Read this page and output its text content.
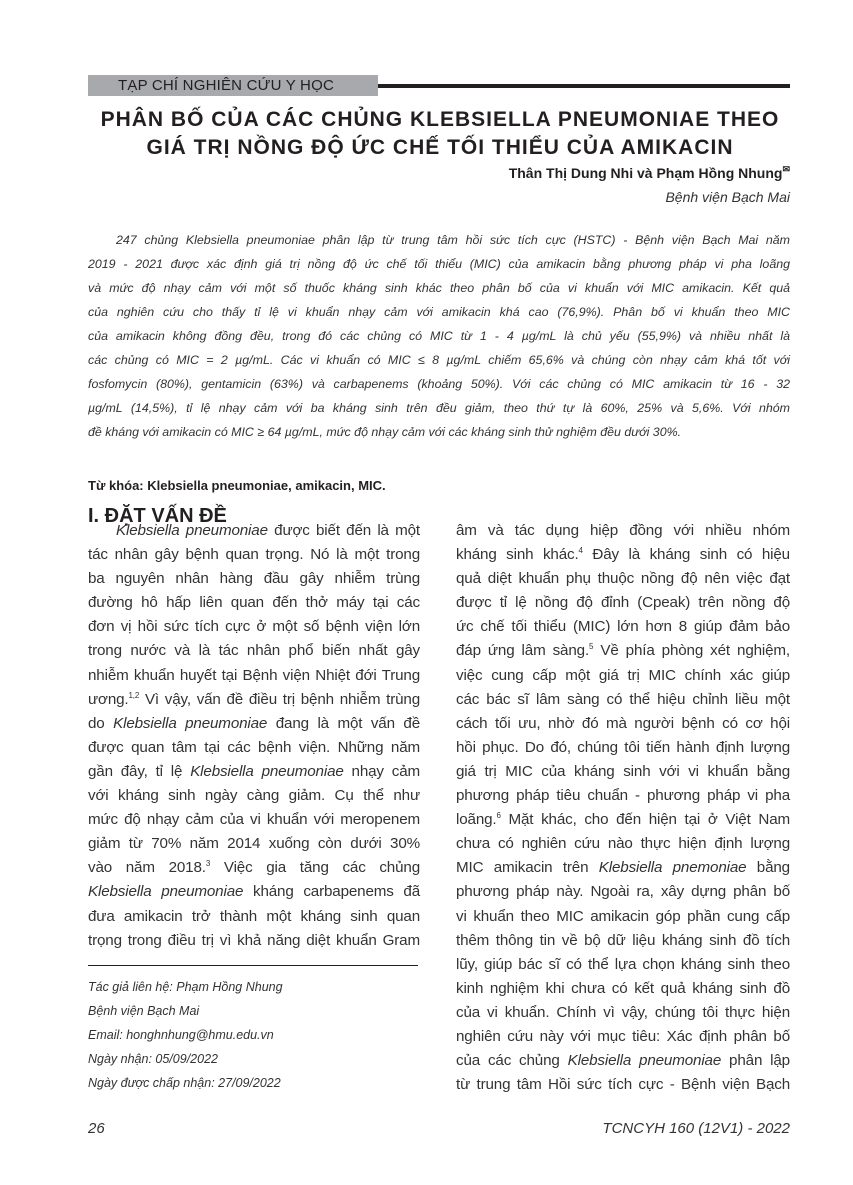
TẠP CHÍ NGHIÊN CỨU Y HỌC
PHÂN BỐ CỦA CÁC CHỦNG KLEBSIELLA PNEUMONIAE THEO
GIÁ TRỊ NỒNG ĐỘ ỨC CHẾ TỐI THIỂU CỦA AMIKACIN
Thân Thị Dung Nhi và Phạm Hồng Nhung✉
Bệnh viện Bạch Mai
247 chủng Klebsiella pneumoniae phân lập từ trung tâm hồi sức tích cực (HSTC) - Bệnh viện Bạch Mai năm
2019 - 2021 được xác định giá trị nồng độ ức chế tối thiểu (MIC) của amikacin bằng phương pháp vi pha loãng
và mức độ nhạy cảm với một số thuốc kháng sinh khác theo phân bố của vi khuẩn với MIC amikacin. Kết quả
của nghiên cứu cho thấy tỉ lệ vi khuẩn nhạy cảm với amikacin khá cao (76,9%). Phân bố vi khuẩn theo MIC
của amikacin không đồng đều, trong đó các chủng có MIC từ 1 - 4 µg/mL là chủ yếu (55,9%) và nhiều nhất là
các chủng có MIC = 2 µg/mL. Các vi khuẩn có MIC ≤ 8 µg/mL chiếm 65,6% và chúng còn nhạy cảm khá tốt với
fosfomycin (80%), gentamicin (63%) và carbapenems (khoảng 50%). Với các chủng có MIC amikacin từ 16 - 32
µg/mL (14,5%), tỉ lệ nhạy cảm với ba kháng sinh trên đều giảm, theo thứ tự là 60%, 25% và 5,6%. Với nhóm
đề kháng với amikacin có MIC ≥ 64 µg/mL, mức độ nhạy cảm với các kháng sinh thử nghiệm đều dưới 30%.
Từ khóa: Klebsiella pneumoniae, amikacin, MIC.
I. ĐẶT VẤN ĐỀ
Klebsiella pneumoniae được biết đến là một
tác nhân gây bệnh quan trọng. Nó là một trong
ba nguyên nhân hàng đầu gây nhiễm trùng
đường hô hấp liên quan đến thở máy tại các
đơn vị hồi sức tích cực ở một số bệnh viện lớn
trong nước và là tác nhân phổ biến nhất gây
nhiễm khuẩn huyết tại Bệnh viện Nhiệt đới Trung
ương.$^{1,2}$ Vì vậy, vấn đề điều trị bệnh nhiễm trùng
do Klebsiella pneumoniae đang là một vấn đề
được quan tâm tại các bệnh viện. Những năm
gần đây, tỉ lệ Klebsiella pneumoniae nhạy cảm
với kháng sinh ngày càng giảm. Cụ thể như
mức độ nhạy cảm của vi khuẩn với meropenem
giảm từ 70% năm 2014 xuống còn dưới 30%
vào năm 2018.$^3$ Việc gia tăng các chủng
Klebsiella pneumoniae kháng carbapenems đã
đưa amikacin trở thành một kháng sinh quan
trọng trong điều trị vì khả năng diệt khuẩn Gram
âm và tác dụng hiệp đồng với nhiều nhóm
kháng sinh khác.$^4$ Đây là kháng sinh có hiệu
quả diệt khuẩn phụ thuộc nồng độ nên việc đạt
được tỉ lệ nồng độ đỉnh (Cpeak) trên nồng độ
ức chế tối thiểu (MIC) lớn hơn 8 giúp đảm bảo
đáp ứng lâm sàng.$^5$ Về phía phòng xét nghiệm,
việc cung cấp một giá trị MIC chính xác giúp
các bác sĩ lâm sàng có thể hiệu chỉnh liều một
cách tối ưu, nhờ đó mà người bệnh có cơ hội
hồi phục. Do đó, chúng tôi tiến hành định lượng
giá trị MIC của kháng sinh với vi khuẩn bằng
phương pháp tiêu chuẩn - phương pháp vi pha
loãng.$^6$ Mặt khác, cho đến hiện tại ở Việt Nam
chưa có nghiên cứu nào thực hiện định lượng
MIC amikacin trên Klebsiella pnemoniae bằng
phương pháp này. Ngoài ra, xây dựng phân bố
vi khuẩn theo MIC amikacin góp phần cung cấp
thêm thông tin về bộ dữ liệu kháng sinh đồ tích
lũy, giúp bác sĩ có thể lựa chọn kháng sinh theo
kinh nghiệm khi chưa có kết quả kháng sinh đồ
của vi khuẩn. Chính vì vậy, chúng tôi thực hiện
nghiên cứu này với mục tiêu: Xác định phân bố
của các chủng Klebsiella pneumoniae phân lập
từ trung tâm Hồi sức tích cực - Bệnh viện Bạch
Tác giả liên hệ: Phạm Hồng Nhung
Bệnh viện Bạch Mai
Email: honghnhung@hmu.edu.vn
Ngày nhận: 05/09/2022
Ngày được chấp nhận: 27/09/2022
26	TCNCYH 160 (12V1) - 2022
